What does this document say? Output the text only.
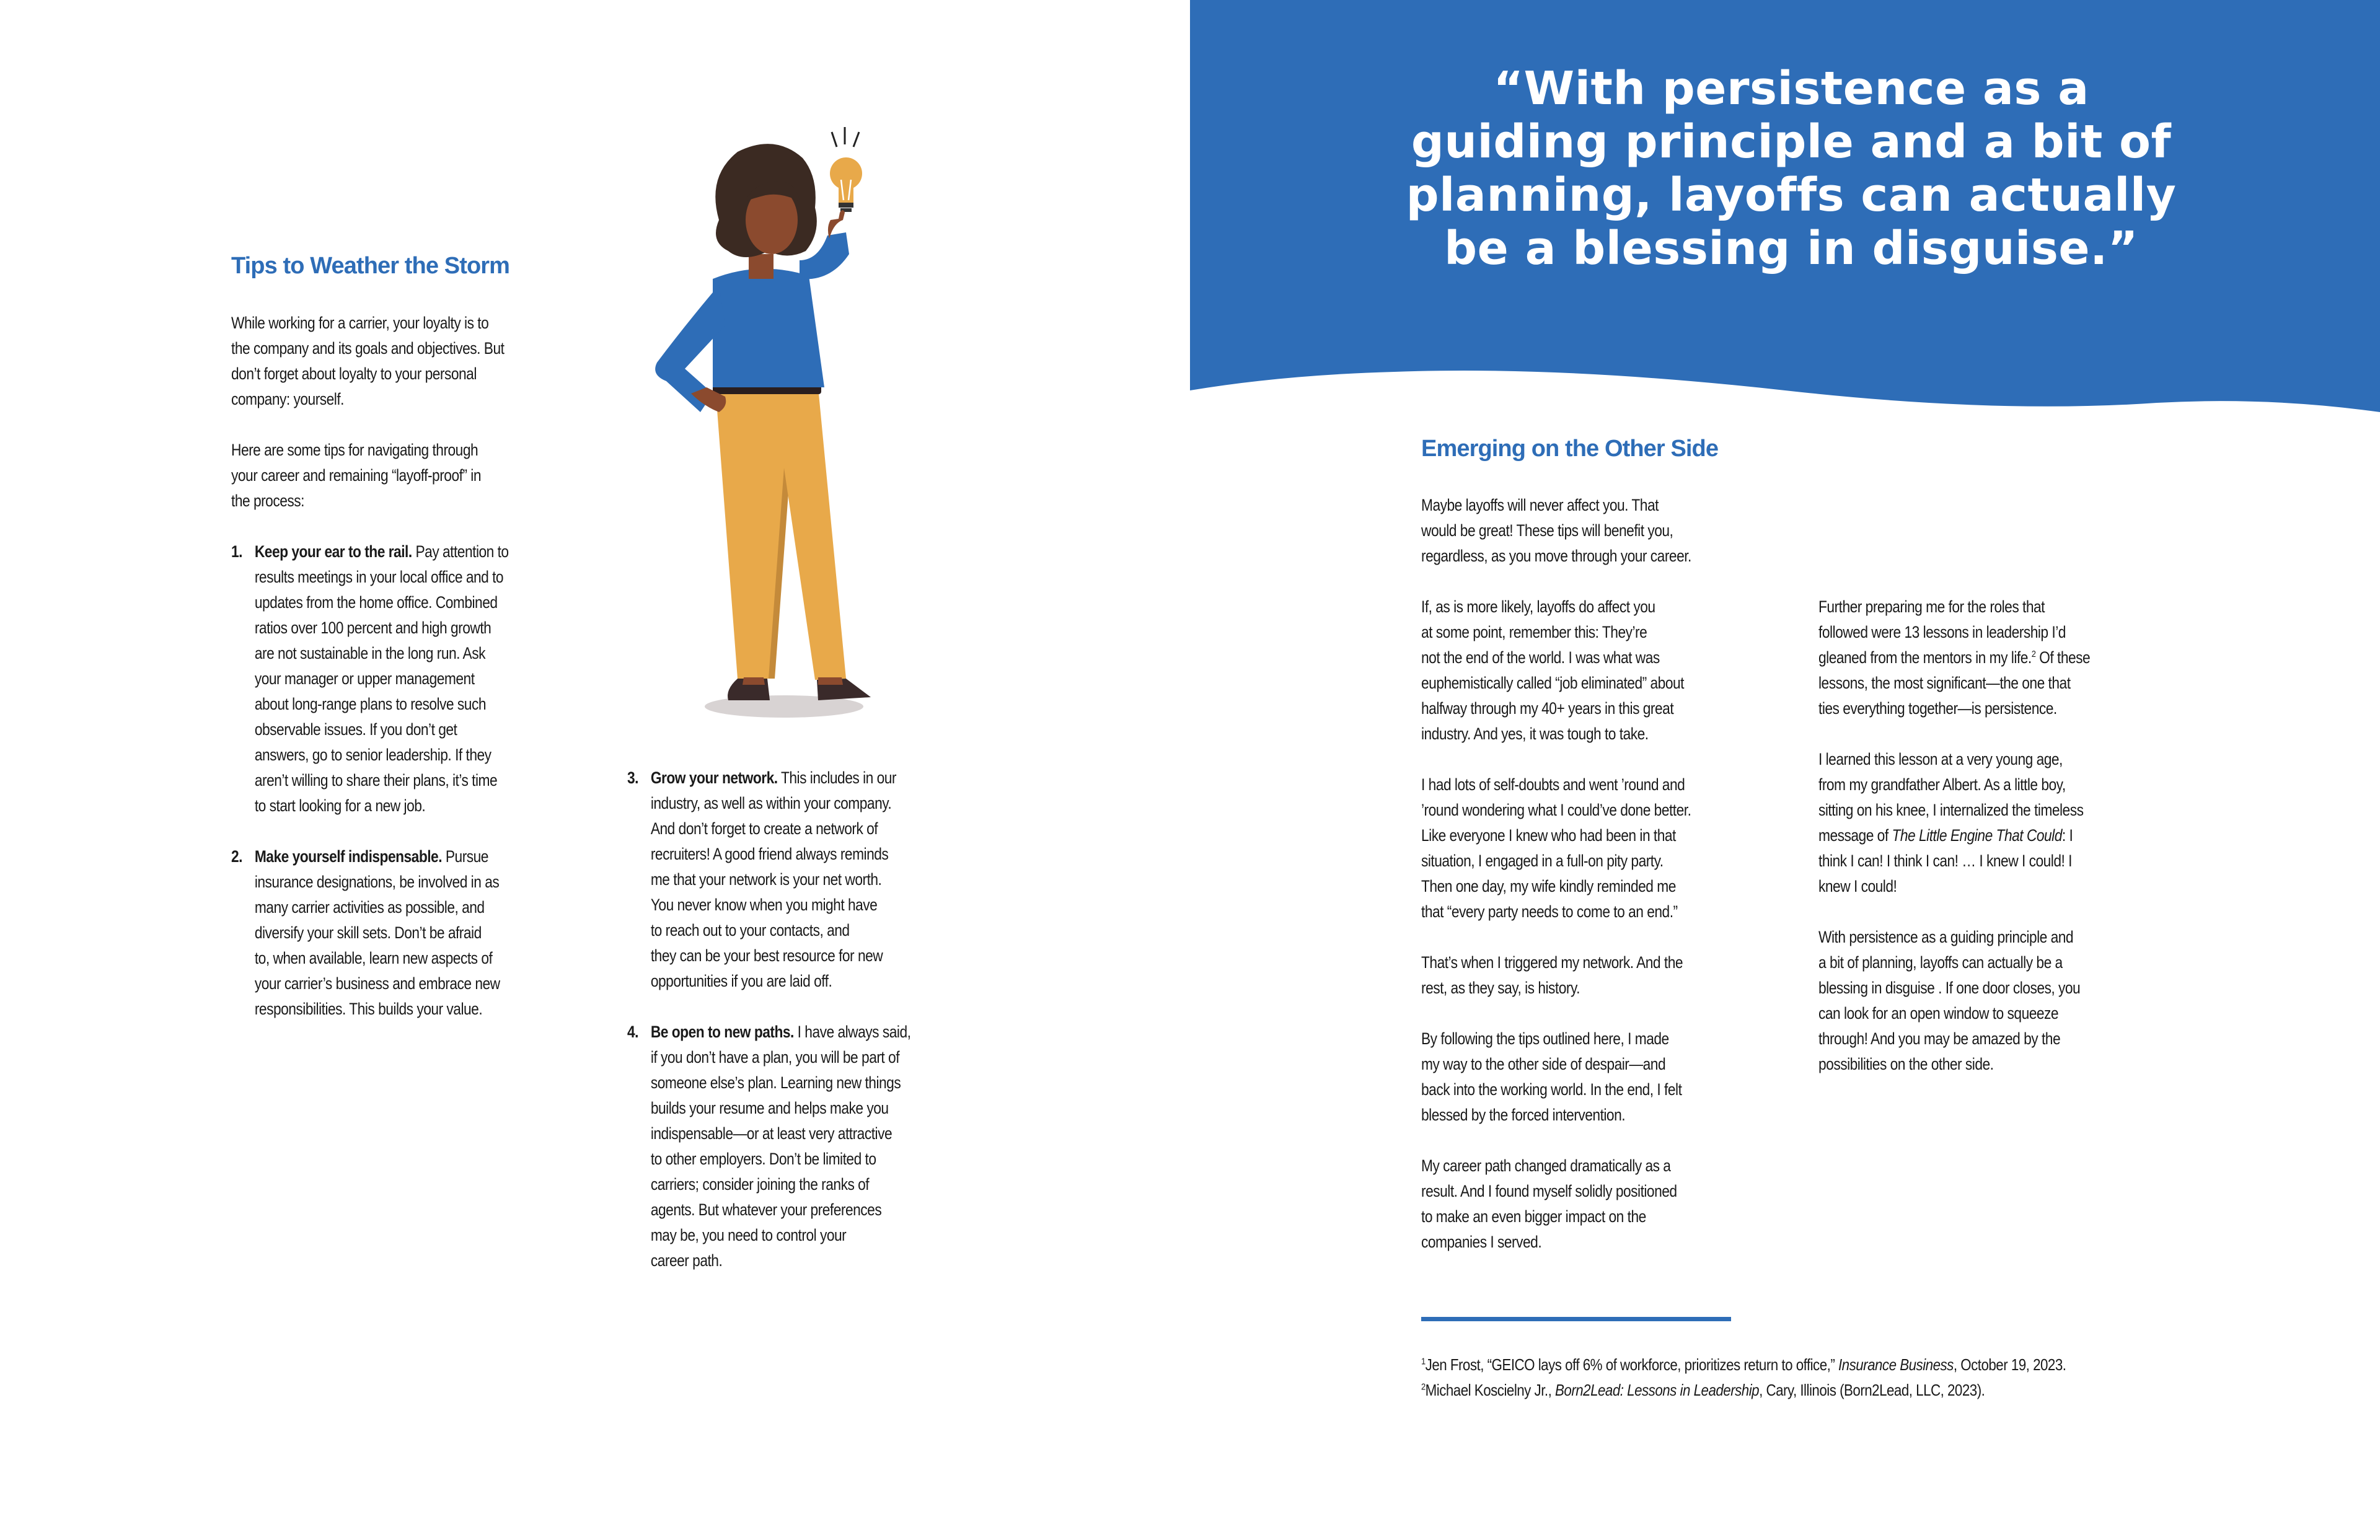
Tips to Weather the Storm

While working for a carrier, your loyalty is to
the company and its goals and objectives. But
don’t forget about loyalty to your personal
company: yourself.

Here are some tips for navigating through
your career and remaining “layoff-proof” in
the process:

1. Keep your ear to the rail. Pay attention to
results meetings in your local office and to
updates from the home office. Combined
ratios over 100 percent and high growth
are not sustainable in the long run. Ask
your manager or upper management
about long-range plans to resolve such
observable issues. If you don’t get
answers, go to senior leadership. If they
aren’t willing to share their plans, it’s time
to start looking for a new job.
2. Make yourself indispensable. Pursue
insurance designations, be involved in as
many carrier activities as possible, and
diversify your skill sets. Don’t be afraid
to, when available, learn new aspects of
your carrier’s business and embrace new
responsibilities. This builds your value.
3. Grow your network. This includes in our
industry, as well as within your company.
And don’t forget to create a network of
recruiters! A good friend always reminds
me that your network is your net worth.
You never know when you might have
to reach out to your contacts, and
they can be your best resource for new
opportunities if you are laid off.
4. Be open to new paths. I have always said,
if you don’t have a plan, you will be part of
someone else’s plan. Learning new things
builds your resume and helps make you
indispensable—or at least very attractive
to other employers. Don’t be limited to
carriers; consider joining the ranks of
agents. But whatever your preferences
may be, you need to control your
career path.
“With persistence as a
guiding principle and a bit of
planning, layoffs can actually
be a blessing in disguise.”
Emerging on the Other Side

Maybe layoffs will never affect you. That
would be great! These tips will benefit you,
regardless, as you move through your career.

If, as is more likely, layoffs do affect you
at some point, remember this: They’re
not the end of the world. I was what was
euphemistically called “job eliminated” about
halfway through my 40+ years in this great
industry. And yes, it was tough to take.

I had lots of self-doubts and went ’round and
’round wondering what I could’ve done better.
Like everyone I knew who had been in that
situation, I engaged in a full-on pity party.
Then one day, my wife kindly reminded me
that “every party needs to come to an end.”

That’s when I triggered my network. And the
rest, as they say, is history.

By following the tips outlined here, I made
my way to the other side of despair—and
back into the working world. In the end, I felt
blessed by the forced intervention.

My career path changed dramatically as a
result. And I found myself solidly positioned
to make an even bigger impact on the
companies I served.

Further preparing me for the roles that
followed were 13 lessons in leadership I’d
gleaned from the mentors in my life.$^2$ Of these
lessons, the most significant—the one that
ties everything together—is persistence.

I learned this lesson at a very young age,
from my grandfather Albert. As a little boy,
sitting on his knee, I internalized the timeless
message of The Little Engine That Could: I
think I can! I think I can! … I knew I could! I
knew I could!

With persistence as a guiding principle and
a bit of planning, layoffs can actually be a
blessing in disguise . If one door closes, you
can look for an open window to squeeze
through! And you may be amazed by the
possibilities on the other side.

$^1$Jen Frost, “GEICO lays off 6% of workforce, prioritizes return to office,” Insurance Business, October 19, 2023.
$^2$Michael Koscielny Jr., Born2Lead: Lessons in Leadership, Cary, Illinois (Born2Lead, LLC, 2023).
